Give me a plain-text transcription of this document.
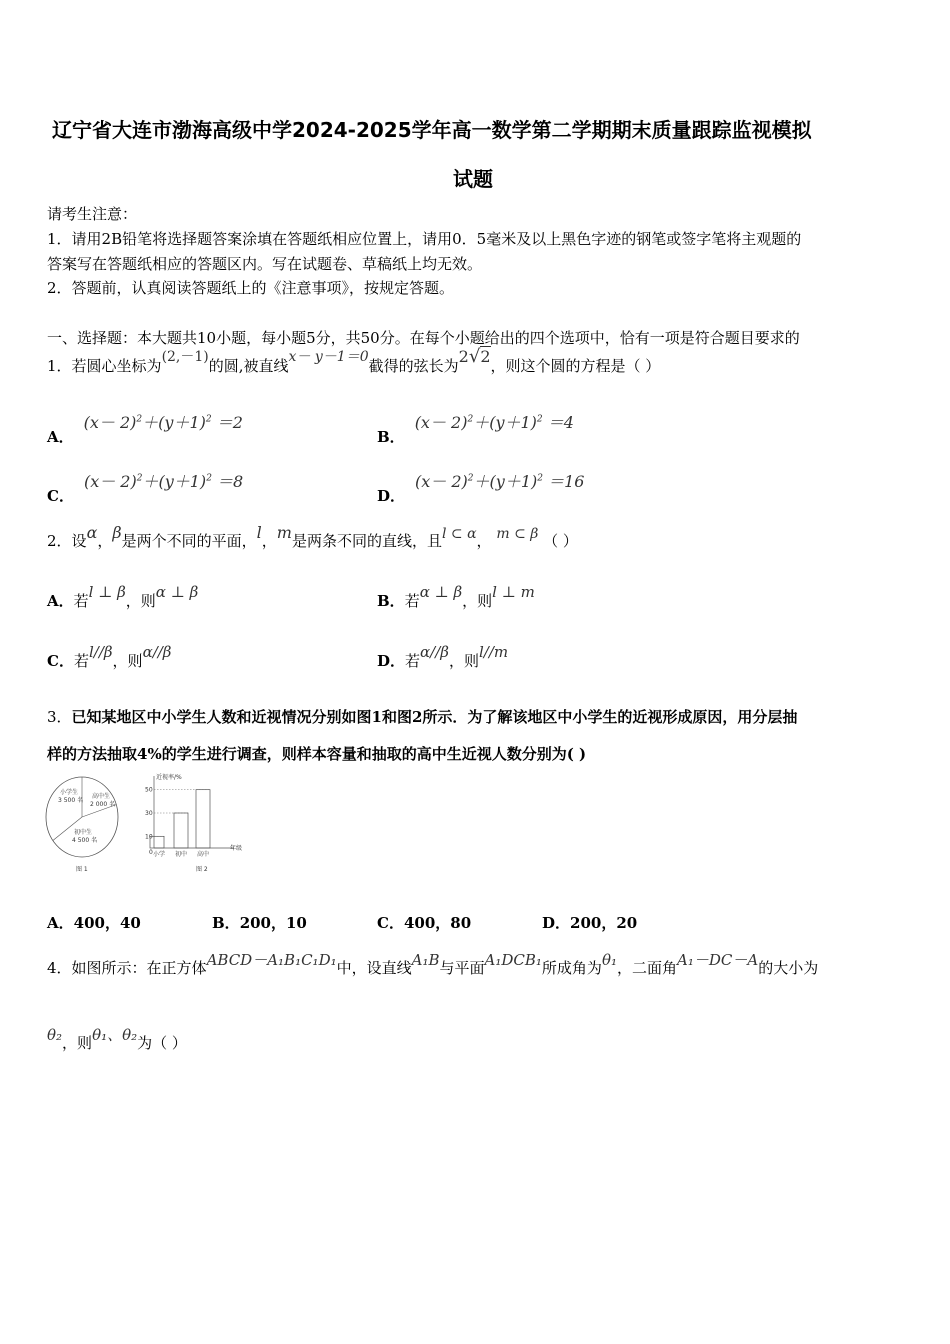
辽宁省大连市渤海高级中学2024-2025学年高一数学第二学期期末质量跟踪监视模拟
试题
请考生注意：
1．请用2B铅笔将选择题答案涂填在答题纸相应位置上，请用0．5毫米及以上黑色字迹的钢笔或签字笔将主观题的
答案写在答题纸相应的答题区内。写在试题卷、草稿纸上均无效。
2．答题前，认真阅读答题纸上的《注意事项》，按规定答题。
一、选择题：本大题共10小题，每小题5分，共50分。在每个小题给出的四个选项中，恰有一项是符合题目要求的
1．若圆心坐标为(2,－1)的圆,被直线x－ y－1＝0截得的弦长为2√2，则这个圆的方程是（ ）
A．$(x- 2)^2+(y+1)^2 =2$
B．$(x- 2)^2+(y+1)^2 =4$
C．$(x- 2)^2+(y+1)^2 =8$
D．$(x- 2)^2+(y+1)^2 =16$
2．设α，β是两个不同的平面，l，m是两条不同的直线，且l ⊂ α， m ⊂ β （ ）
A．若l ⊥ β，则α ⊥ β	B．若α ⊥ β，则l ⊥ m
C．若l//β，则α//β	D．若α//β，则l//m
3．已知某地区中小学生人数和近视情况分别如图1和图2所示．为了解该地区中小学生的近视形成原因，用分层抽
样的方法抽取4%的学生进行调查，则样本容量和抽取的高中生近视人数分别为( )
小学生
3 500 名
高中生
2 000 名
初中生
4 500 名
图 1
近视率/%
年级
图 2
50
30
10
0 小学 初中 高中
A．400，40	B．200，10	C．400，80	D．200，20
4．如图所示：在正方体ABCD－A₁B₁C₁D₁中，设直线A₁B与平面A₁DCB₁所成角为θ₁，二面角A₁－DC－A的大小为
θ₂，则θ₁、θ₂为（ ）
